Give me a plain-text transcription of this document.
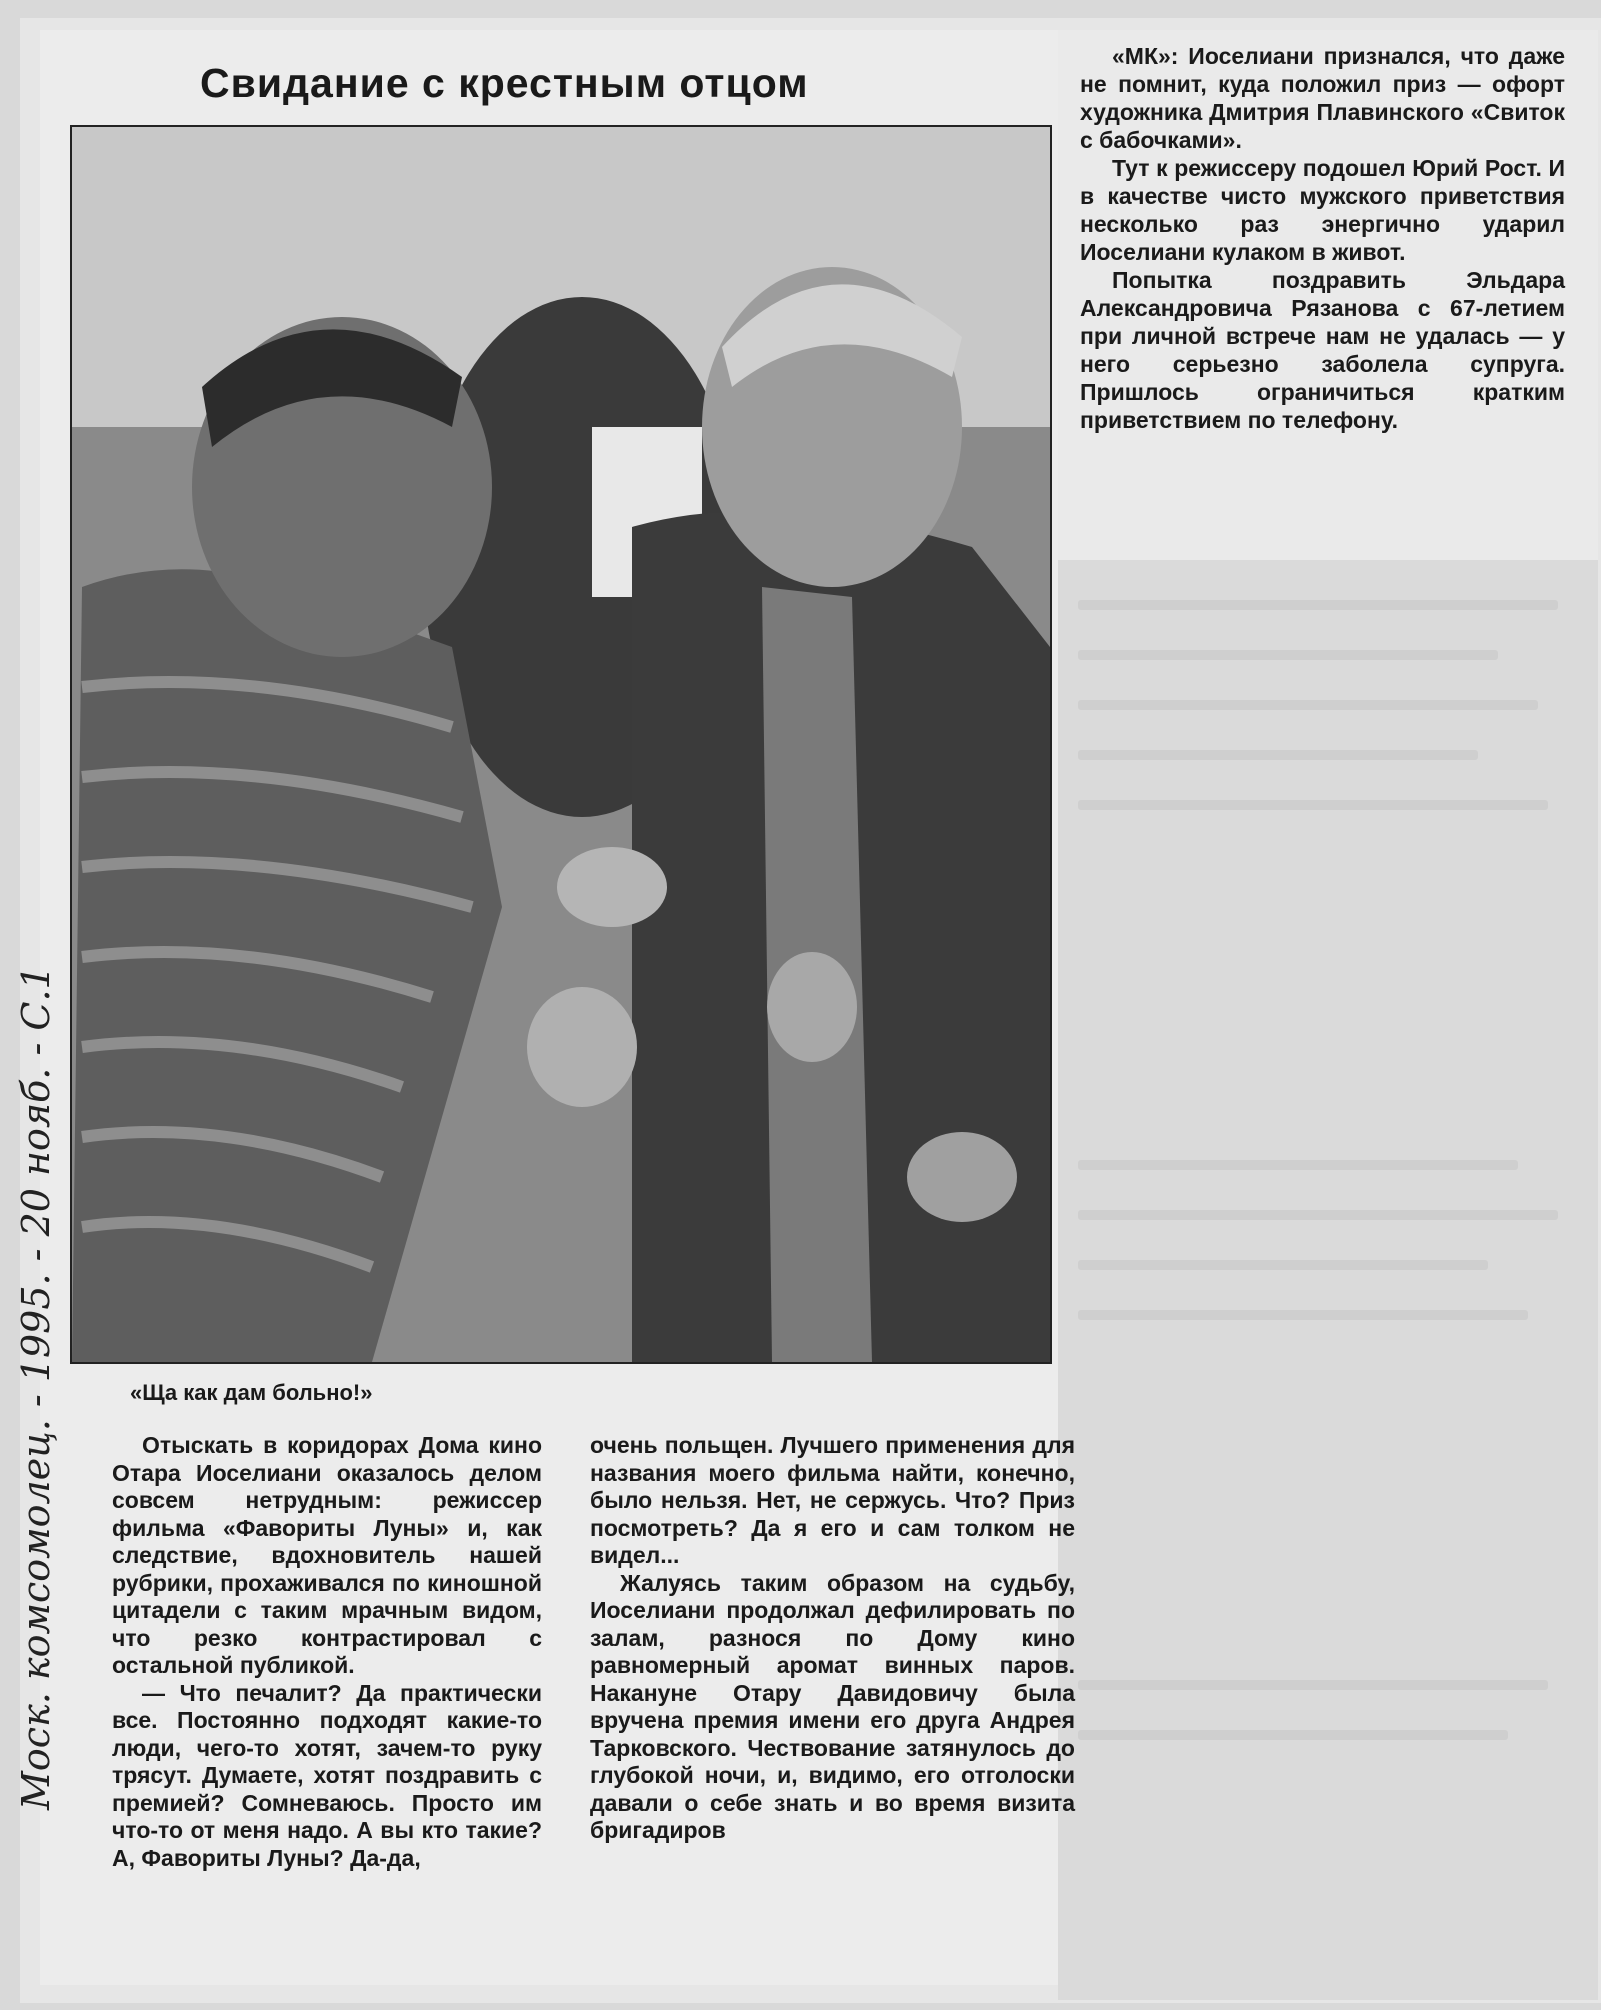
Свидание с крестным отцом
«Ща как дам больно!»

Отыскать в коридорах Дома кино Отара Иоселиани оказалось делом совсем нетрудным: режиссер фильма «Фавориты Луны» и, как следствие, вдохновитель нашей рубрики, прохаживался по киношной цитадели с таким мрачным видом, что резко контрастировал с остальной публикой.

— Что печалит? Да практически все. Постоянно подходят какие-то люди, чего-то хотят, зачем-то руку трясут. Думаете, хотят поздравить с премией? Сомневаюсь. Просто им что-то от меня надо. А вы кто такие? А, Фавориты Луны? Да-да,

очень польщен. Лучшего применения для названия моего фильма найти, конечно, было нельзя. Нет, не сержусь. Что? Приз посмотреть? Да я его и сам толком не видел...

Жалуясь таким образом на судьбу, Иоселиани продолжал дефилировать по залам, разнося по Дому кино равномерный аромат винных паров. Накануне Отару Давидовичу была вручена премия имени его друга Андрея Тарковского. Чествование затянулось до глубокой ночи, и, видимо, его отголоски давали о себе знать и во время визита бригадиров

«МК»: Иоселиани признался, что даже не помнит, куда положил приз — офорт художника Дмитрия Плавинского «Свиток с бабочками».

Тут к режиссеру подошел Юрий Рост. И в качестве чисто мужского приветствия несколько раз энергично ударил Иоселиани кулаком в живот.

Попытка поздравить Эльдара Александровича Рязанова с 67-летием при личной встрече нам не удалась — у него серьезно заболела супруга. Пришлось ограничиться кратким приветствием по телефону.

Моск. комсомолец. - 1995. - 20 нояб. - С.1
